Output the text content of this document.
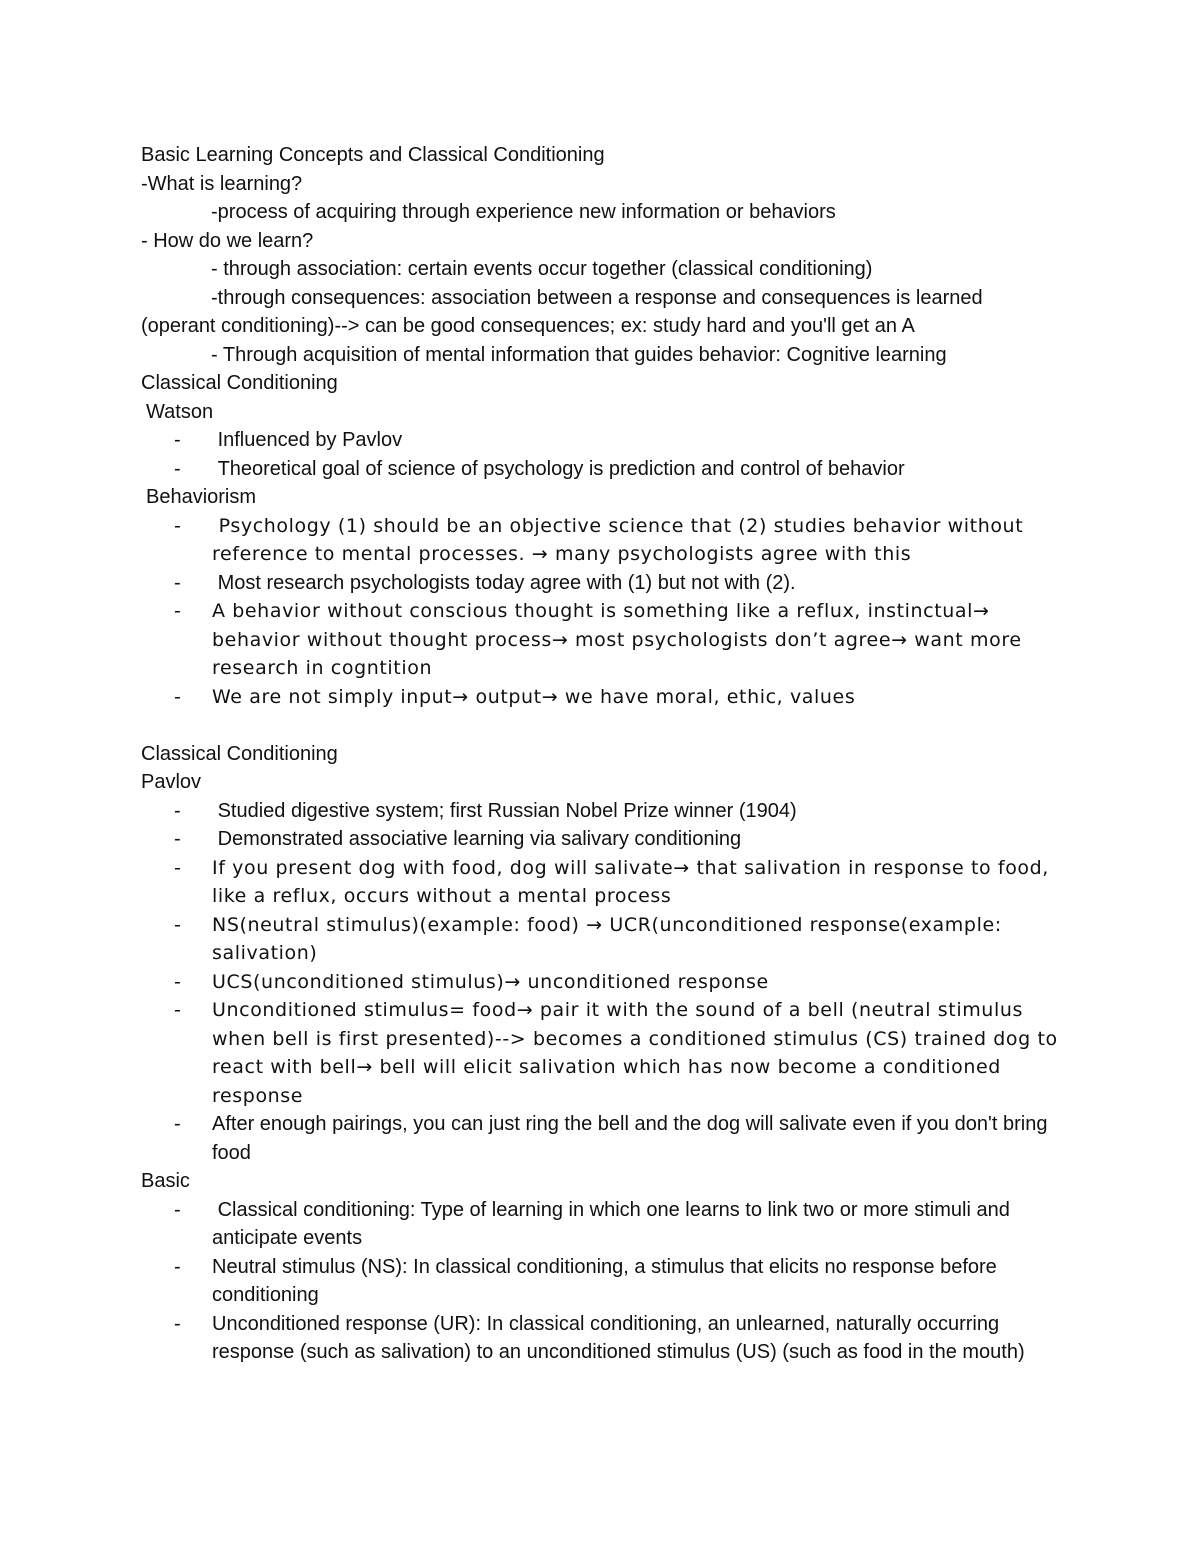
Basic Learning Concepts and Classical Conditioning
-What is learning?
-process of acquiring through experience new information or behaviors
- How do we learn?
- through association: certain events occur together (classical conditioning)
-through consequences: association between a response and consequences is learned
(operant conditioning)--> can be good consequences; ex: study hard and you'll get an A
- Through acquisition of mental information that guides behavior: Cognitive learning
Classical Conditioning
Watson
- Influenced by Pavlov
- Theoretical goal of science of psychology is prediction and control of behavior
Behaviorism
- Psychology (1) should be an objective science that (2) studies behavior without reference to mental processes. → many psychologists agree with this
- Most research psychologists today agree with (1) but not with (2).
- A behavior without conscious thought is something like a reflux, instinctual→ behavior without thought process→ most psychologists don’t agree→ want more research in cogntition
- We are not simply input→ output→ we have moral, ethic, values
Classical Conditioning
Pavlov
- Studied digestive system; first Russian Nobel Prize winner (1904)
- Demonstrated associative learning via salivary conditioning
- If you present dog with food, dog will salivate→ that salivation in response to food, like a reflux, occurs without a mental process
- NS(neutral stimulus)(example: food) → UCR(unconditioned response(example: salivation)
- UCS(unconditioned stimulus)→ unconditioned response
- Unconditioned stimulus= food→ pair it with the sound of a bell (neutral stimulus when bell is first presented)--> becomes a conditioned stimulus (CS) trained dog to react with bell→ bell will elicit salivation which has now become a conditioned response
- After enough pairings, you can just ring the bell and the dog will salivate even if you don't bring food
Basic
- Classical conditioning: Type of learning in which one learns to link two or more stimuli and anticipate events
- Neutral stimulus (NS): In classical conditioning, a stimulus that elicits no response before conditioning
- Unconditioned response (UR): In classical conditioning, an unlearned, naturally occurring response (such as salivation) to an unconditioned stimulus (US) (such as food in the mouth)
